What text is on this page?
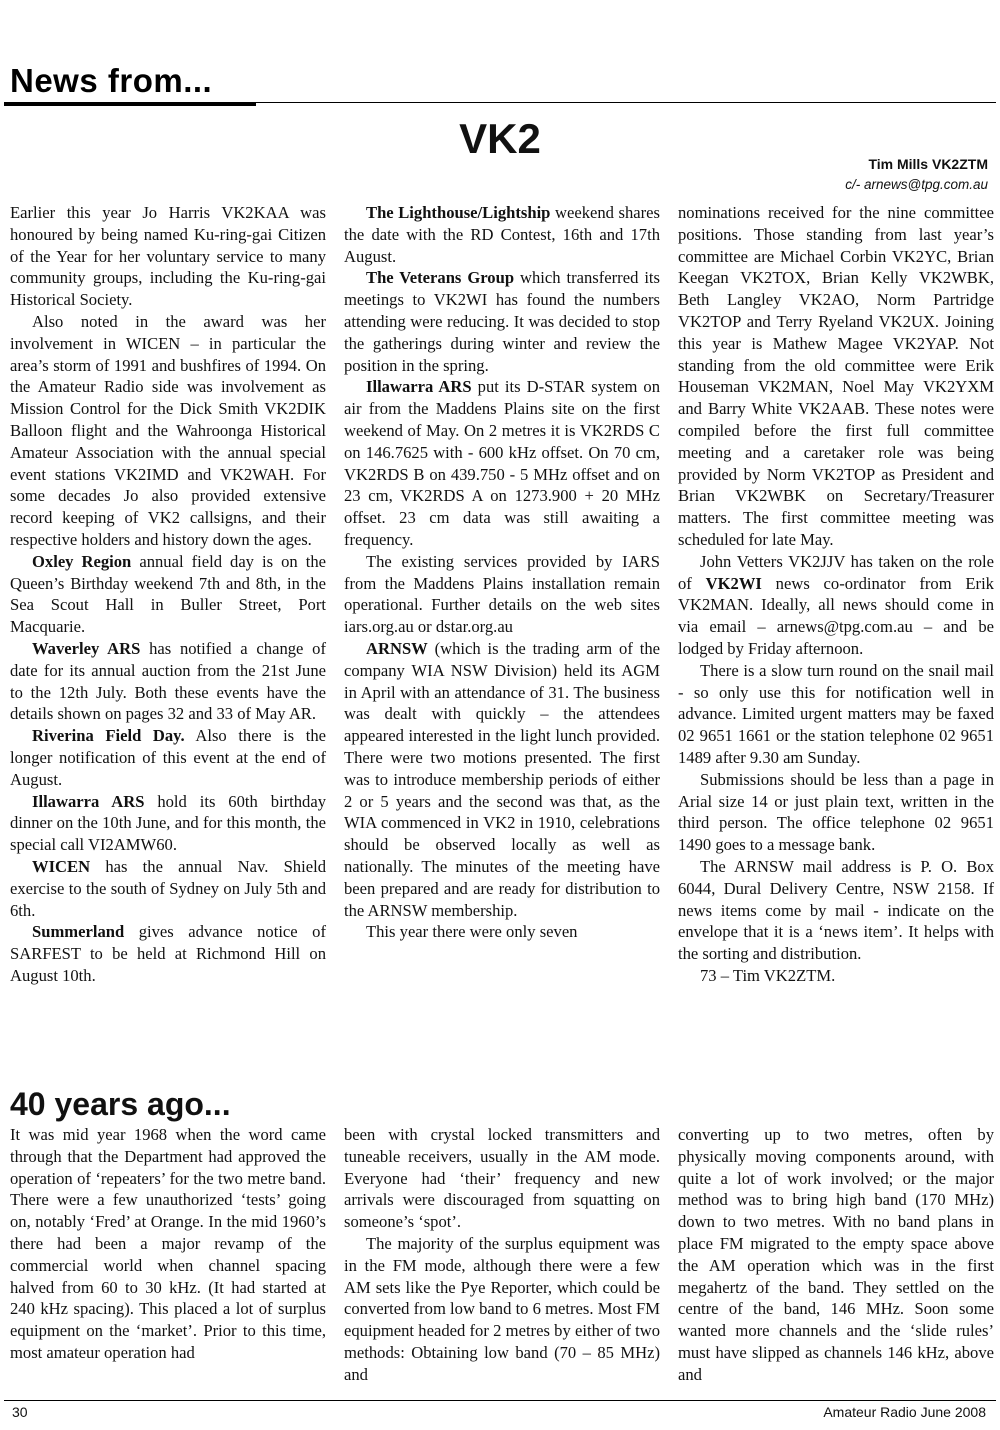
News from...
VK2
Tim Mills VK2ZTM
c/- arnews@tpg.com.au

Earlier this year Jo Harris VK2KAA was honoured by being named Ku-ring-gai Citizen of the Year for her voluntary service to many community groups, including the Ku-ring-gai Historical Society.

Also noted in the award was her involvement in WICEN – in particular the area’s storm of 1991 and bushfires of 1994. On the Amateur Radio side was involvement as Mission Control for the Dick Smith VK2DIK Balloon flight and the Wahroonga Historical Amateur Association with the annual special event stations VK2IMD and VK2WAH. For some decades Jo also provided extensive record keeping of VK2 callsigns, and their respective holders and history down the ages.

Oxley Region annual field day is on the Queen’s Birthday weekend 7th and 8th, in the Sea Scout Hall in Buller Street, Port Macquarie.

Waverley ARS has notified a change of date for its annual auction from the 21st June to the 12th July. Both these events have the details shown on pages 32 and 33 of May AR.

Riverina Field Day. Also there is the longer notification of this event at the end of August.

Illawarra ARS hold its 60th birthday dinner on the 10th June, and for this month, the special call VI2AMW60.

WICEN has the annual Nav. Shield exercise to the south of Sydney on July 5th and 6th.

Summerland gives advance notice of SARFEST to be held at Richmond Hill on August 10th.

The Lighthouse/Lightship weekend shares the date with the RD Contest, 16th and 17th August.

The Veterans Group which transferred its meetings to VK2WI has found the numbers attending were reducing. It was decided to stop the gatherings during winter and review the position in the spring.

Illawarra ARS put its D-STAR system on air from the Maddens Plains site on the first weekend of May. On 2 metres it is VK2RDS C on 146.7625 with - 600 kHz offset. On 70 cm, VK2RDS B on 439.750 - 5 MHz offset and on 23 cm, VK2RDS A on 1273.900 + 20 MHz offset. 23 cm data was still awaiting a frequency.

The existing services provided by IARS from the Maddens Plains installation remain operational. Further details on the web sites iars.org.au or dstar.org.au

ARNSW (which is the trading arm of the company WIA NSW Division) held its AGM in April with an attendance of 31. The business was dealt with quickly – the attendees appeared interested in the light lunch provided. There were two motions presented. The first was to introduce membership periods of either 2 or 5 years and the second was that, as the WIA commenced in VK2 in 1910, celebrations should be observed locally as well as nationally. The minutes of the meeting have been prepared and are ready for distribution to the ARNSW membership.

This year there were only seven

nominations received for the nine committee positions. Those standing from last year’s committee are Michael Corbin VK2YC, Brian Keegan VK2TOX, Brian Kelly VK2WBK, Beth Langley VK2AO, Norm Partridge VK2TOP and Terry Ryeland VK2UX. Joining this year is Mathew Magee VK2YAP. Not standing from the old committee were Erik Houseman VK2MAN, Noel May VK2YXM and Barry White VK2AAB. These notes were compiled before the first full committee meeting and a caretaker role was being provided by Norm VK2TOP as President and Brian VK2WBK on Secretary/Treasurer matters. The first committee meeting was scheduled for late May.

John Vetters VK2JJV has taken on the role of VK2WI news co-ordinator from Erik VK2MAN. Ideally, all news should come in via email – arnews@tpg.com.au – and be lodged by Friday afternoon.

There is a slow turn round on the snail mail - so only use this for notification well in advance. Limited urgent matters may be faxed 02 9651 1661 or the station telephone 02 9651 1489 after 9.30 am Sunday.

Submissions should be less than a page in Arial size 14 or just plain text, written in the third person. The office telephone 02 9651 1490 goes to a message bank.

The ARNSW mail address is P. O. Box 6044, Dural Delivery Centre, NSW 2158. If news items come by mail - indicate on the envelope that it is a ‘news item’. It helps with the sorting and distribution.

73 – Tim VK2ZTM.

40 years ago...

It was mid year 1968 when the word came through that the Department had approved the operation of ‘repeaters’ for the two metre band. There were a few unauthorized ‘tests’ going on, notably ‘Fred’ at Orange. In the mid 1960’s there had been a major revamp of the commercial world when channel spacing halved from 60 to 30 kHz. (It had started at 240 kHz spacing). This placed a lot of surplus equipment on the ‘market’. Prior to this time, most amateur operation had

been with crystal locked transmitters and tuneable receivers, usually in the AM mode. Everyone had ‘their’ frequency and new arrivals were discouraged from squatting on someone’s ‘spot’.

The majority of the surplus equipment was in the FM mode, although there were a few AM sets like the Pye Reporter, which could be converted from low band to 6 metres. Most FM equipment headed for 2 metres by either of two methods: Obtaining low band (70 – 85 MHz) and

converting up to two metres, often by physically moving components around, with quite a lot of work involved; or the major method was to bring high band (170 MHz) down to two metres. With no band plans in place FM migrated to the empty space above the AM operation which was in the first megahertz of the band. They settled on the centre of the band, 146 MHz. Soon some wanted more channels and the ‘slide rules’ must have slipped as channels 146 kHz, above and

30	Amateur Radio June 2008
